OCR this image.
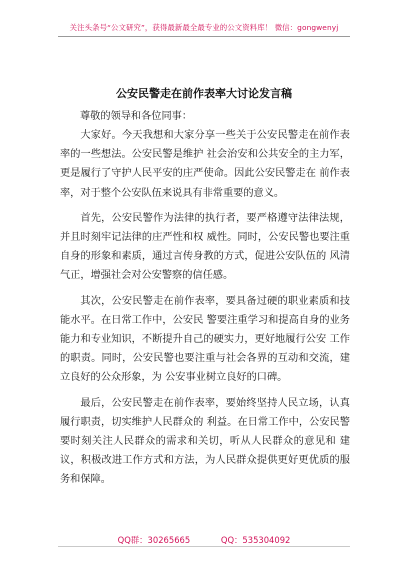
关注头条号“公文研究”，获得最新最全最专业的公文资料库！ 微信：gongwenyj
公安民警走在前作表率大讨论发言稿
尊敬的领导和各位同事：

大家好。今天我想和大家分享一些关于公安民警走在前作表率的一些想法。公安民警是维护 社会治安和公共安全的主力军，更是履行了守护人民平安的庄严使命。因此公安民警走在 前作表率，对于整个公安队伍来说具有非常重要的意义。

首先，公安民警作为法律的执行者，要严格遵守法律法规，并且时刻牢记法律的庄严性和权 威性。同时，公安民警也要注重自身的形象和素质，通过言传身教的方式，促进公安队伍的 风清气正，增强社会对公安警察的信任感。

其次，公安民警走在前作表率，要具备过硬的职业素质和技能水平。在日常工作中，公安民 警要注重学习和提高自身的业务能力和专业知识，不断提升自己的硬实力，更好地履行公安 工作的职责。同时，公安民警也要注重与社会各界的互动和交流，建立良好的公众形象，为 公安事业树立良好的口碑。

最后，公安民警走在前作表率，要始终坚持人民立场，认真履行职责，切实维护人民群众的 利益。在日常工作中，公安民警要时刻关注人民群众的需求和关切，听从人民群众的意见和 建议，积极改进工作方式和方法，为人民群众提供更好更优质的服务和保障。

QQ群：30265665	QQ：535304092
